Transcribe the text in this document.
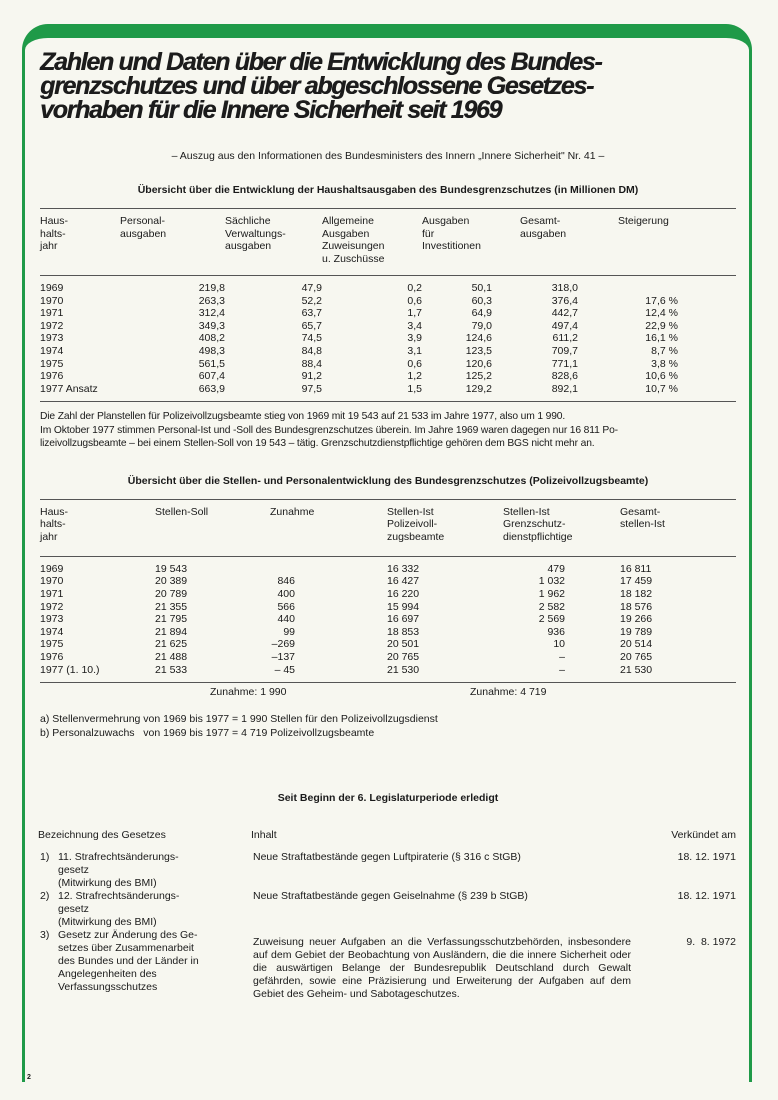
2
Zahlen und Daten über die Entwicklung des Bundes-
grenzschutzes und über abgeschlossene Gesetzes-
vorhaben für die Innere Sicherheit seit 1969
– Auszug aus den Informationen des Bundesministers des Innern „Innere Sicherheit" Nr. 41 –
Übersicht über die Entwicklung der Haushaltsausgaben des Bundesgrenzschutzes (in Millionen DM)
Haus-
halts-
jahr

Personal-
ausgaben

Sächliche
Verwaltungs-
ausgaben

Allgemeine
Ausgaben
Zuweisungen
u. Zuschüsse

Ausgaben
für
Investitionen

Gesamt-
ausgaben

Steigerung
1969		219,8		47,9		0,2	50,1		318,0		
1970		263,3		52,2		0,6	60,3		376,4	17,6 %	
1971		312,4		63,7		1,7	64,9		442,7	12,4 %	
1972		349,3		65,7		3,4	79,0		497,4	22,9 %	
1973		408,2		74,5		3,9	124,6		611,2	16,1 %	
1974		498,3		84,8		3,1	123,5		709,7	8,7 %	
1975		561,5		88,4		0,6	120,6		771,1	3,8 %	
1976		607,4		91,2		1,2	125,2		828,6	10,6 %	
1977 Ansatz		663,9		97,5		1,5	129,2		892,1	10,7 %	
Die Zahl der Planstellen für Polizeivollzugsbeamte stieg von 1969 mit 19 543 auf 21 533 im Jahre 1977, also um 1 990.
Im Oktober 1977 stimmen Personal-Ist und -Soll des Bundesgrenzschutzes überein. Im Jahre 1969 waren dagegen nur 16 811 Po-
lizeivollzugsbeamte – bei einem Stellen-Soll von 19 543 – tätig. Grenzschutzdienstpflichtige gehören dem BGS nicht mehr an.
Übersicht über die Stellen- und Personalentwicklung des Bundesgrenzschutzes (Polizeivollzugsbeamte)
Haus-
halts-
jahr

Stellen-Soll	Zunahme	Stellen-Ist
Polizeivoll-
zugsbeamte

Stellen-Ist
Grenzschutz-
dienstpflichtige

Gesamt-
stellen-Ist
1969	19 543			16 332	479		16 811
1970	20 389	846		16 427	1 032		17 459
1971	20 789	400		16 220	1 962		18 182
1972	21 355	566		15 994	2 582		18 576
1973	21 795	440		16 697	2 569		19 266
1974	21 894	99		18 853	936		19 789
1975	21 625	–269		20 501	10		20 514
1976	21 488	–137		20 765	–		20 765
1977 (1. 10.)	21 533	– 45		21 530	–		21 530
Zunahme: 1 990	Zunahme: 4 719
a) Stellenvermehrung von 1969 bis 1977 = 1 990 Stellen für den Polizeivollzugsdienst
b) Personalzuwachs   von 1969 bis 1977 = 4 719 Polizeivollzugsbeamte
Seit Beginn der 6. Legislaturperiode erledigt
Bezeichnung des Gesetzes	Inhalt	Verkündet am
1)	11. Strafrechtsänderungs-
gesetz
(Mitwirkung des BMI)	Neue Straftatbestände gegen Luftpiraterie (§ 316 c StGB)	18. 12. 1971
2)	12. Strafrechtsänderungs-
gesetz
(Mitwirkung des BMI)	Neue Straftatbestände gegen Geiselnahme (§ 239 b StGB)	18. 12. 1971
3)	Gesetz zur Änderung des Ge-
setzes über Zusammenarbeit
des Bundes und der Länder in
Angelegenheiten des
Verfassungsschutzes
	Zuweisung neuer Aufgaben an die Verfassungsschutzbehörden, insbesondere auf dem Gebiet der Beobachtung von Ausländern, die die innere Sicherheit oder die auswärtigen Belange der Bundesrepublik Deutschland durch Gewalt gefährden, sowie eine Präzisierung und Erweiterung der Aufgaben auf dem Gebiet des Geheim- und Sabotageschutzes.	9.  8. 1972
